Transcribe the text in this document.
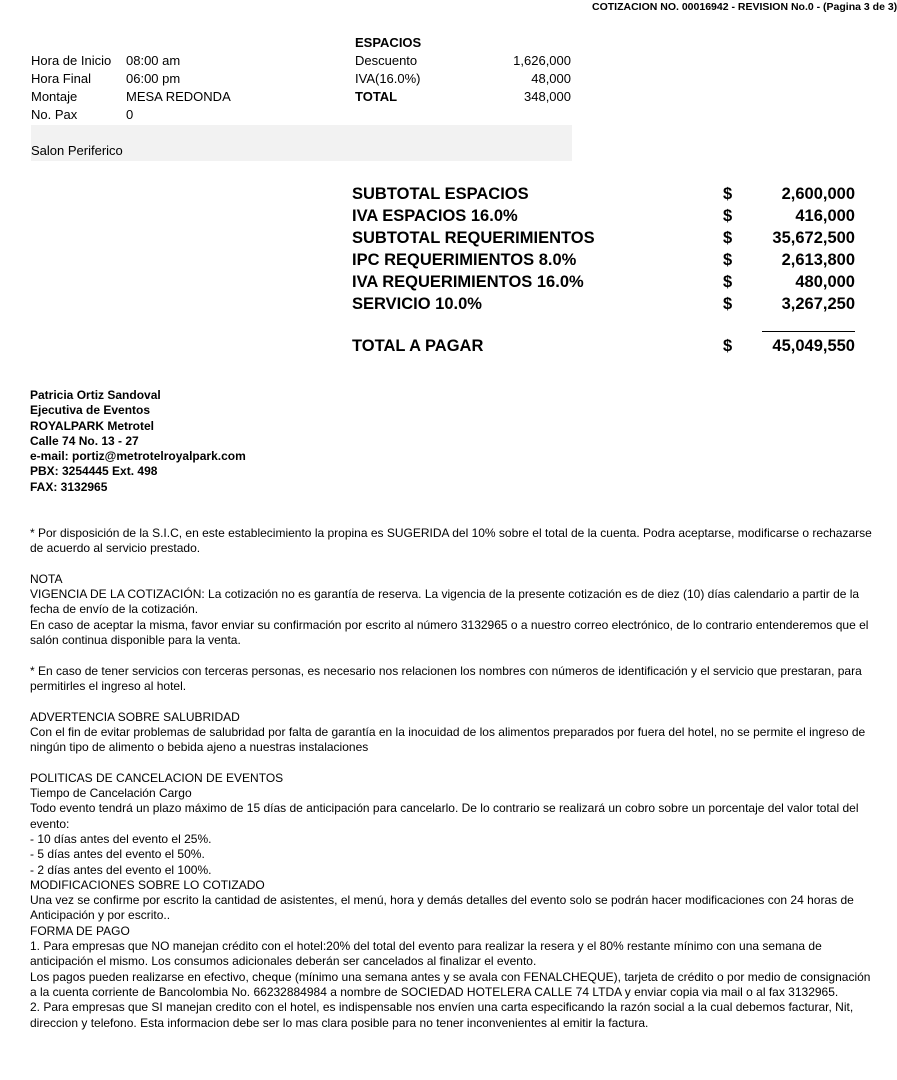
COTIZACION NO. 00016942 - REVISION No.0 - (Pagina 3 de 3)
Hora de Inicio 08:00 am
Hora Final	06:00 pm
Montaje	MESA REDONDA
No. Pax	0
ESPACIOS
Descuento	1,626,000
IVA(16.0%)	48,000
TOTAL	348,000
Salon Periferico
SUBTOTAL ESPACIOS	$	2,600,000
IVA ESPACIOS 16.0%	$	416,000
SUBTOTAL REQUERIMIENTOS	$ 35,672,500
IPC REQUERIMIENTOS 8.0%	$	2,613,800
IVA REQUERIMIENTOS 16.0%	$	480,000
SERVICIO 10.0%	$	3,267,250
TOTAL A PAGAR	$ 45,049,550
Patricia Ortiz Sandoval
Ejecutiva de Eventos
ROYALPARK Metrotel
Calle 74 No. 13 - 27
e-mail: portiz@metrotelroyalpark.com
PBX: 3254445 Ext. 498
FAX: 3132965

* Por disposición de la S.I.C, en este establecimiento la propina es SUGERIDA del 10% sobre el total de la cuenta. Podra aceptarse, modificarse o rechazarse de acuerdo al servicio prestado.

NOTA

VIGENCIA DE LA COTIZACIÓN: La cotización no es garantía de reserva. La vigencia de la presente cotización es de diez (10) días calendario a partir de la fecha de envío de la cotización.

En caso de aceptar la misma, favor enviar su confirmación por escrito al número 3132965 o a nuestro correo electrónico, de lo contrario entenderemos que el salón continua disponible para la venta.

* En caso de tener servicios con terceras personas, es necesario nos relacionen los nombres con números de identificación y el servicio que prestaran, para permitirles el ingreso al hotel.

ADVERTENCIA SOBRE SALUBRIDAD

Con el fin de evitar problemas de salubridad por falta de garantía en la inocuidad de los alimentos preparados por fuera del hotel, no se permite el ingreso de ningún tipo de alimento o bebida ajeno a nuestras instalaciones

POLITICAS DE CANCELACION DE EVENTOS

Tiempo de Cancelación Cargo

Todo evento tendrá un plazo máximo de 15 días de anticipación para cancelarlo. De lo contrario se realizará un cobro sobre un porcentaje del valor total del evento:

- 10 días antes del evento el 25%.

- 5 días antes del evento el 50%.

- 2 días antes del evento el 100%.

MODIFICACIONES SOBRE LO COTIZADO

Una vez se confirme por escrito la cantidad de asistentes, el menú, hora y demás detalles del evento solo se podrán hacer modificaciones con 24 horas de Anticipación y por escrito..

FORMA DE PAGO

1. Para empresas que NO manejan crédito con el hotel:20% del total del evento para realizar la resera y el 80% restante mínimo con una semana de anticipación el mismo. Los consumos adicionales deberán ser cancelados al finalizar el evento.

Los pagos pueden realizarse en efectivo, cheque (mínimo una semana antes y se avala con FENALCHEQUE), tarjeta de crédito o por medio de consignación a la cuenta corriente de Bancolombia No. 66232884984 a nombre de SOCIEDAD HOTELERA CALLE 74 LTDA y enviar copia via mail o al fax 3132965.

2. Para empresas que SI manejan credito con el hotel, es indispensable nos envíen una carta especificando la razón social a la cual debemos facturar, Nit, direccion y telefono. Esta informacion debe ser lo mas clara posible para no tener inconvenientes al emitir la factura.
